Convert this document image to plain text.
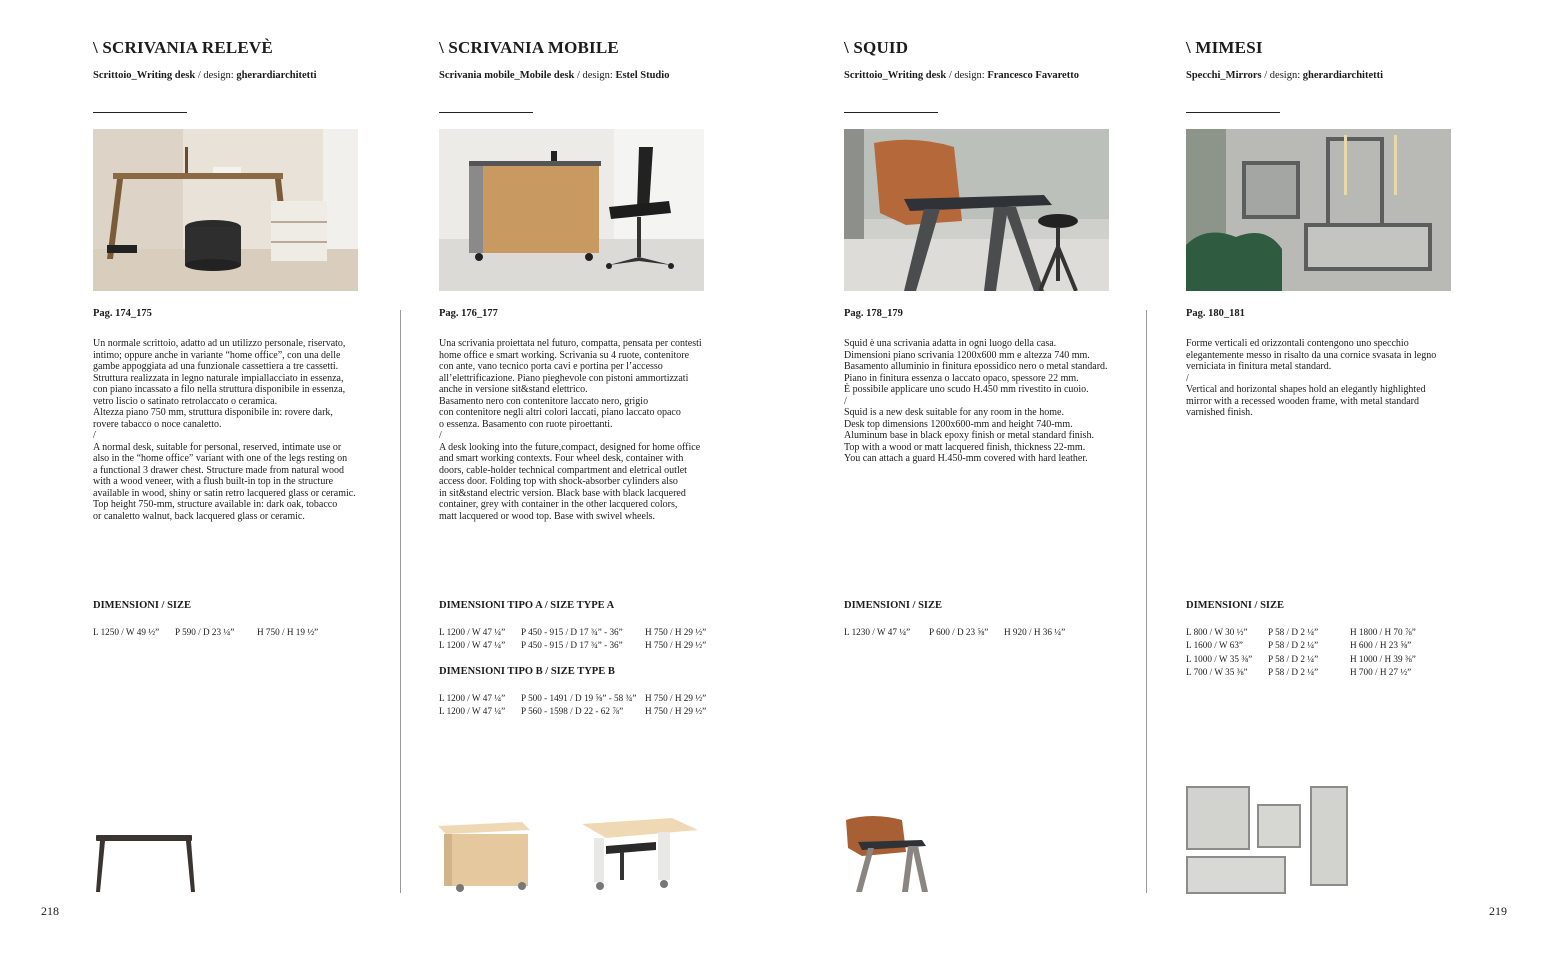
\ SCRIVANIA RELEVÈ
Scrittoio_Writing desk / design: gherardiarchitetti
Pag. 174_175
Un normale scrittoio, adatto ad un utilizzo personale, riservato,
intimo; oppure anche in variante “home office”, con una delle
gambe appoggiata ad una funzionale cassettiera a tre cassetti.
Struttura realizzata in legno naturale impiallacciato in essenza,
con piano incassato a filo nella struttura disponibile in essenza,
vetro liscio o satinato retrolaccato o ceramica.
Altezza piano 750 mm, struttura disponibile in: rovere dark,
rovere tabacco o noce canaletto.
/
A normal desk, suitable for personal, reserved, intimate use or
also in the “home office” variant with one of the legs resting on
a functional 3 drawer chest. Structure made from natural wood
with a wood veneer, with a flush built-in top in the structure
available in wood, shiny or satin retro lacquered glass or ceramic.
Top height 750-mm, structure available in: dark oak, tobacco
or canaletto walnut, back lacquered glass or ceramic.
DIMENSIONI / SIZE
L 1250 / W 49 ½”	P 590 / D 23 ¼”	H 750 / H 19 ½”
\ SCRIVANIA MOBILE
Scrivania mobile_Mobile desk / design: Estel Studio
Pag. 176_177
Una scrivania proiettata nel futuro, compatta, pensata per contesti
home office e smart working. Scrivania su 4 ruote, contenitore
con ante, vano tecnico porta cavi e portina per l’accesso
all’elettrificazione. Piano pieghevole con pistoni ammortizzati
anche in versione sit&stand elettrico.
Basamento nero con contenitore laccato nero, grigio
con contenitore negli altri colori laccati, piano laccato opaco
o essenza. Basamento con ruote piroettanti.
/
A desk looking into the future,compact, designed for home office
and smart working contexts. Four wheel desk, container with
doors, cable-holder technical compartment and eletrical outlet
access door. Folding top with shock-absorber cylinders also
in sit&stand electric version. Black base with black lacquered
container, grey with container in the other lacquered colors,
matt lacquered or wood top. Base with swivel wheels.
DIMENSIONI TIPO A / SIZE TYPE A
L 1200 / W 47 ¼”	P 450 - 915 / D 17 ¾” - 36”	H 750 / H 29 ½”
L 1200 / W 47 ¼”	P 450 - 915 / D 17 ¾” - 36”	H 750 / H 29 ½”
DIMENSIONI TIPO B / SIZE TYPE B
L 1200 / W 47 ¼”	P 500 - 1491 / D 19 ⅝” - 58 ¾”	H 750 / H 29 ½”
L 1200 / W 47 ¼”	P 560 - 1598 / D 22 - 62 ⅞”	H 750 / H 29 ½”
\ SQUID
Scrittoio_Writing desk / design: Francesco Favaretto
Pag. 178_179
Squid è una scrivania adatta in ogni luogo della casa.
Dimensioni piano scrivania 1200x600 mm e altezza 740 mm.
Basamento alluminio in finitura epossidico nero o metal standard.
Piano in finitura essenza o laccato opaco, spessore 22 mm.
È possibile applicare uno scudo H.450 mm rivestito in cuoio.
/
Squid is a new desk suitable for any room in the home.
Desk top dimensions 1200x600-mm and height 740-mm.
Aluminum base in black epoxy finish or metal standard finish.
Top with a wood or matt lacquered finish, thickness 22-mm.
You can attach a guard H.450-mm covered with hard leather.
DIMENSIONI / SIZE
L 1230 / W 47 ¼”	P 600 / D 23 ⅝”	H 920 / H 36 ¼”
\ MIMESI
Specchi_Mirrors / design: gherardiarchitetti
Pag. 180_181
Forme verticali ed orizzontali contengono uno specchio
elegantemente messo in risalto da una cornice svasata in legno
verniciata in finitura metal standard.
/
Vertical and horizontal shapes hold an elegantly highlighted
mirror with a recessed wooden frame, with metal standard
varnished finish.
DIMENSIONI / SIZE
L 800 / W 30 ½”	P 58 / D 2 ¼”	H 1800 / H 70 ⅞”
L 1600 / W 63”	P 58 / D 2 ¼”	H 600 / H 23 ⅝”
L 1000 / W 35 ⅜”	P 58 / D 2 ¼”	H 1000 / H 39 ⅜”
L 700 / W 35 ⅜”	P 58 / D 2 ¼”	H 700 / H 27 ½”
218	219
